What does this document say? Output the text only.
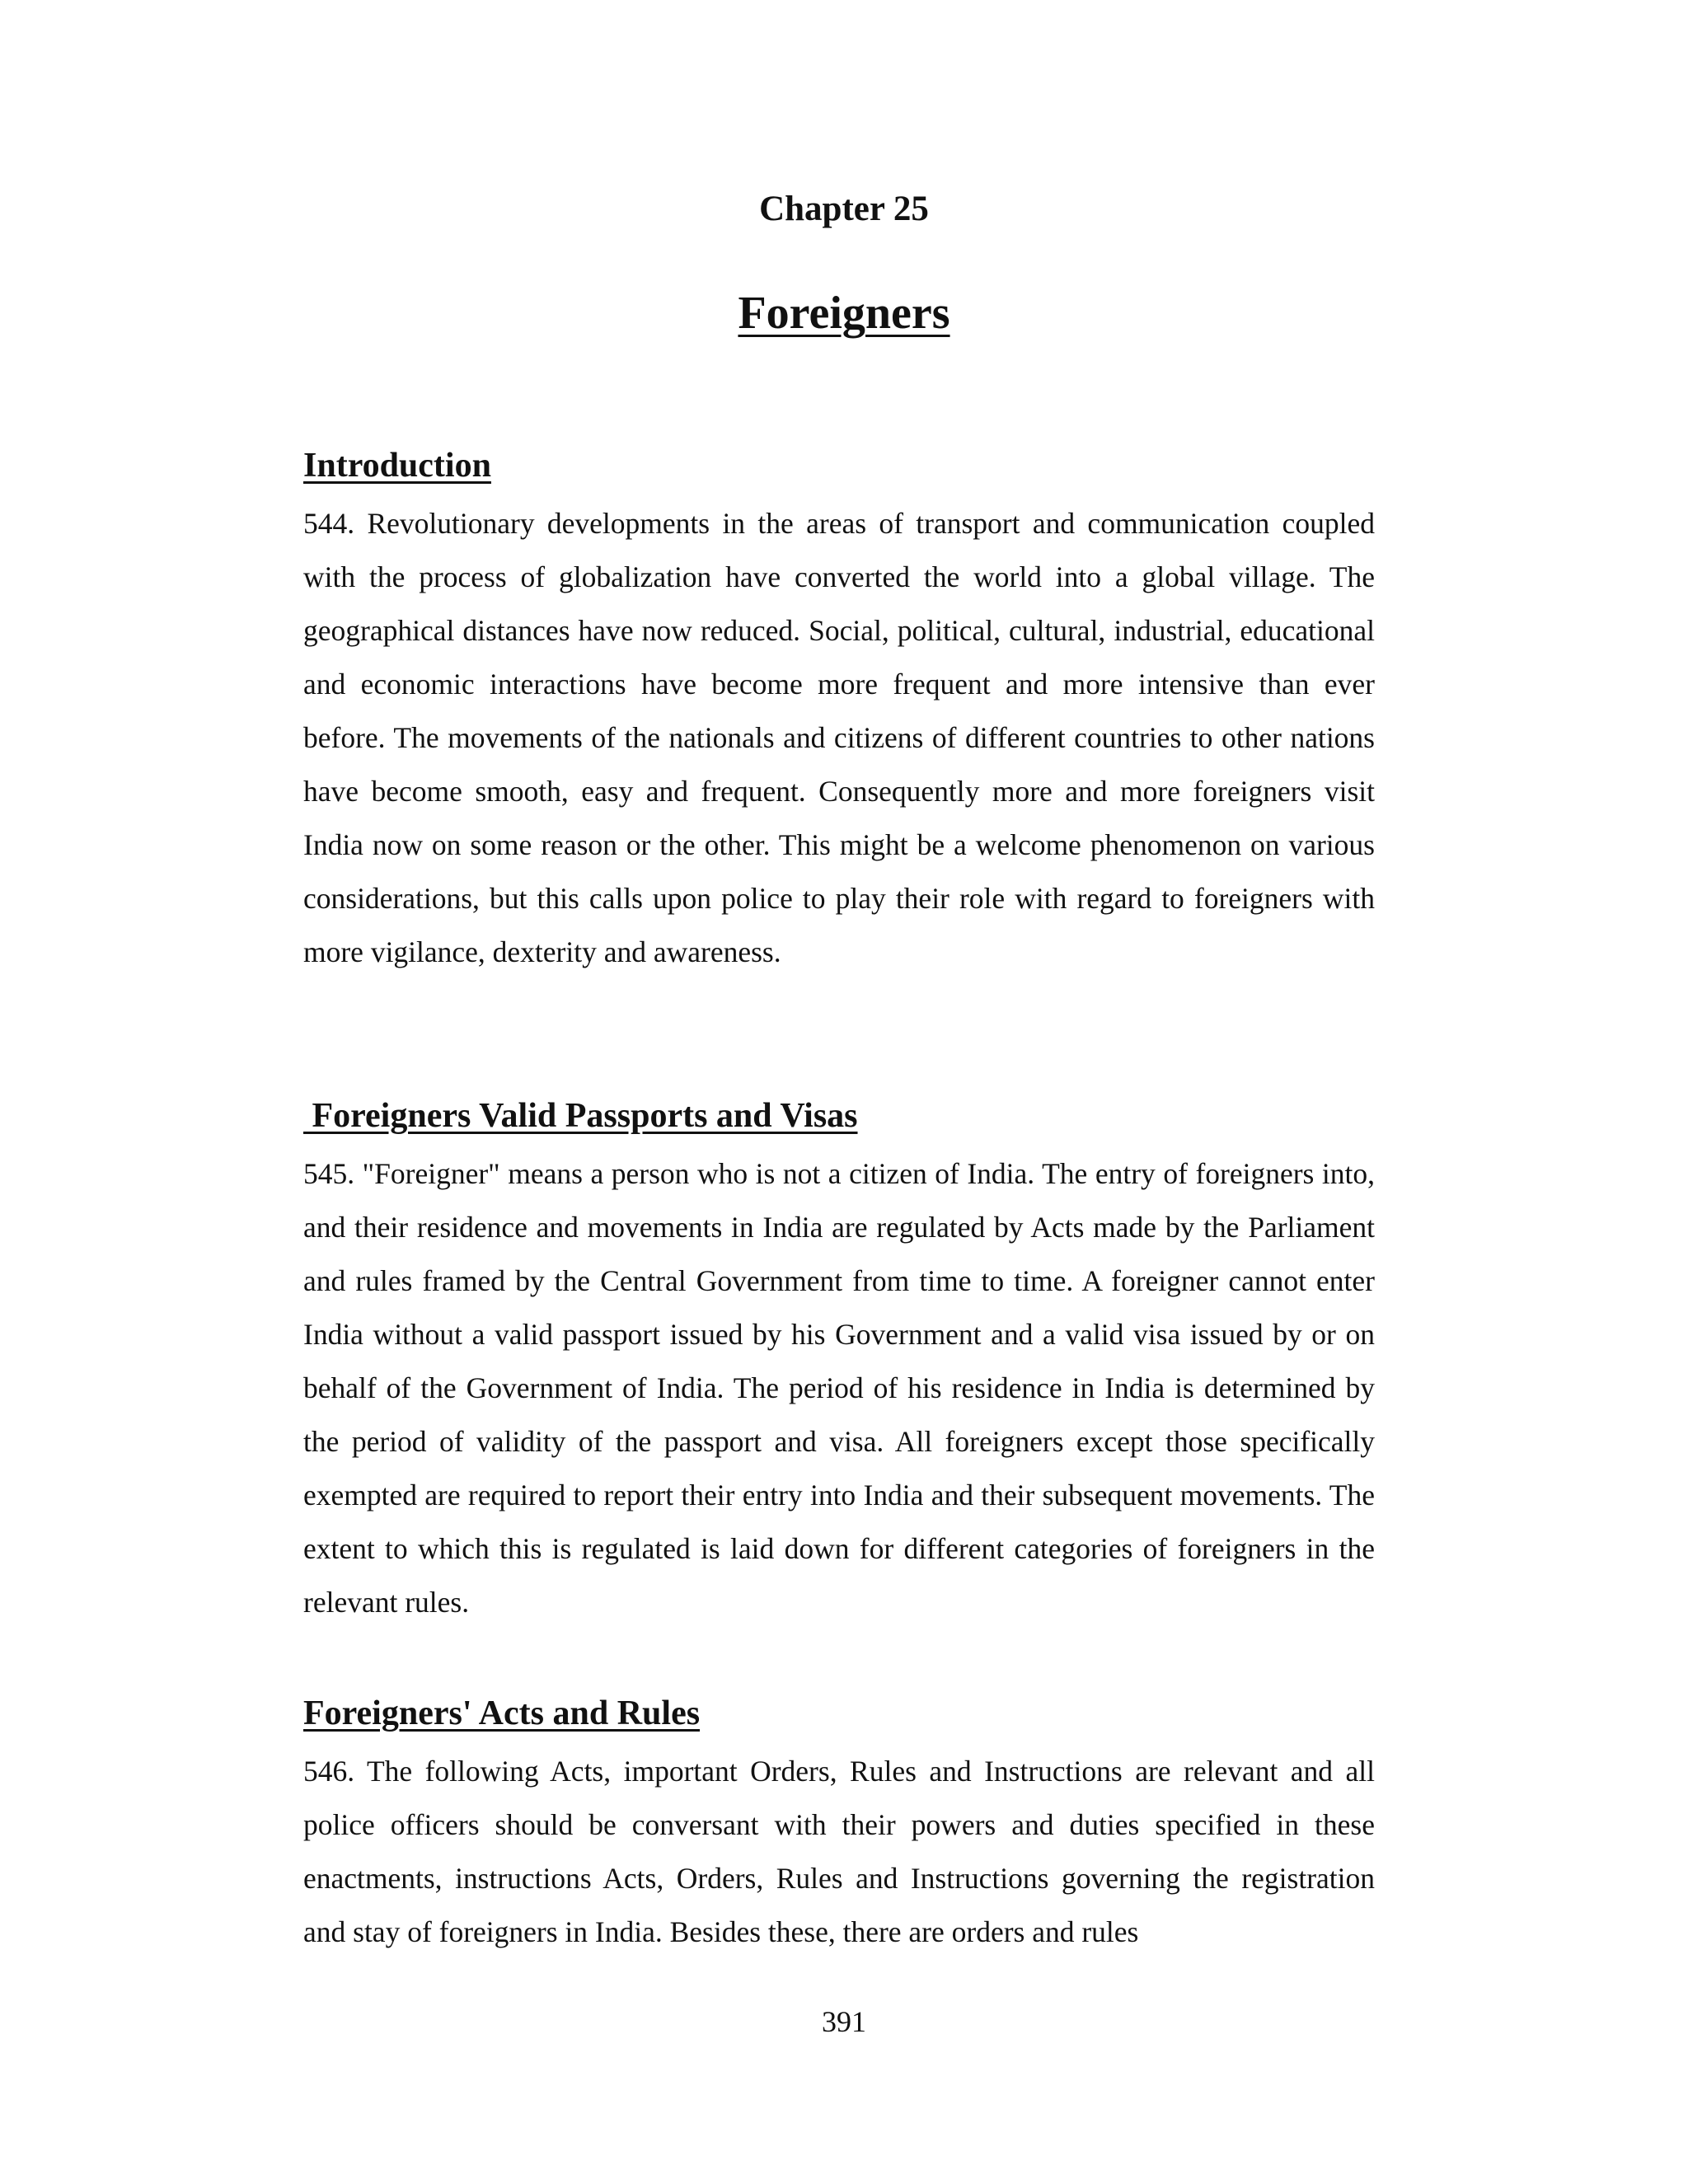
Chapter 25
Foreigners
Introduction

544. Revolutionary developments in the areas of transport and communication coupled with the process of globalization have converted the world into a global village. The geographical distances have now reduced. Social, political, cultural, industrial, educational and economic interactions have become more frequent and more intensive than ever before. The movements of the nationals and citizens of different countries to other nations have become smooth, easy and frequent. Consequently more and more foreigners visit India now on some reason or the other. This might be a welcome phenomenon on various considerations, but this calls upon police to play their role with regard to foreigners with more vigilance, dexterity and awareness.

Foreigners Valid Passports and Visas

545. "Foreigner" means a person who is not a citizen of India. The entry of foreigners into, and their residence and movements in India are regulated by Acts made by the Parliament and rules framed by the Central Government from time to time. A foreigner cannot enter India without a valid passport issued by his Government and a valid visa issued by or on behalf of the Government of India. The period of his residence in India is determined by the period of validity of the passport and visa. All foreigners except those specifically exempted are required to report their entry into India and their subsequent movements. The extent to which this is regulated is laid down for different categories of foreigners in the relevant rules.

Foreigners' Acts and Rules

546. The following Acts, important Orders, Rules and Instructions are relevant and all police officers should be conversant with their powers and duties specified in these enactments, instructions Acts, Orders, Rules and Instructions governing the registration and stay of foreigners in India. Besides these, there are orders and rules

391
